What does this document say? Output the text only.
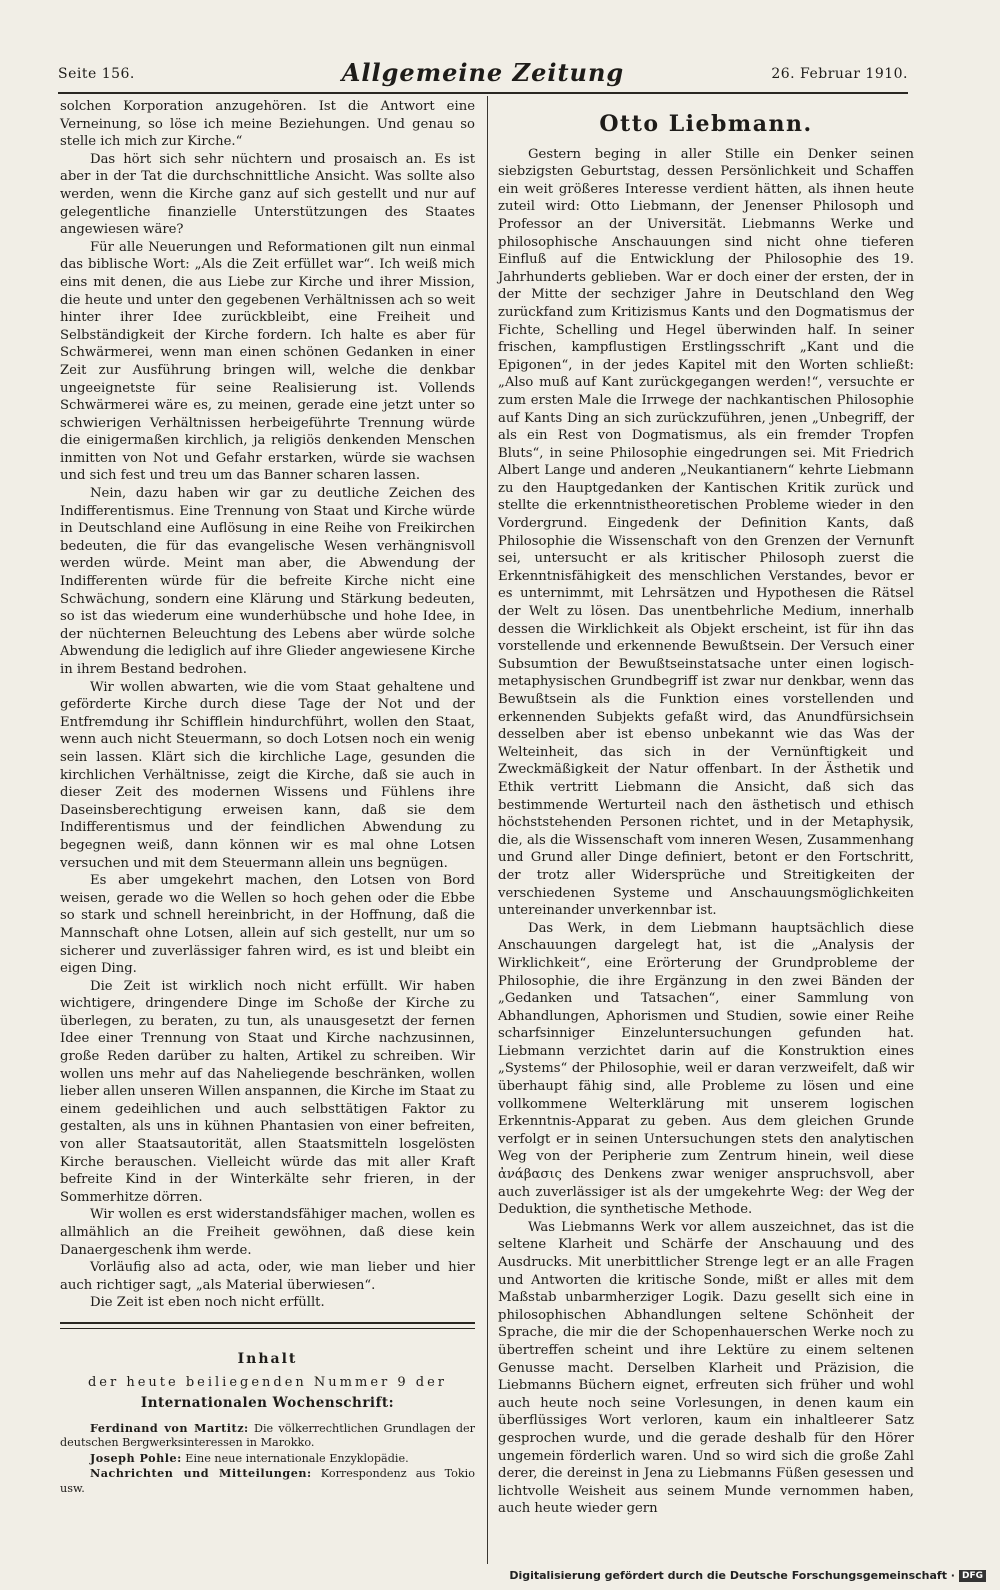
Seite 156.	Allgemeine Zeitung	26. Februar 1910.

solchen Korporation anzugehören. Ist die Antwort eine Verneinung, so löse ich meine Beziehungen. Und genau so stelle ich mich zur Kirche.“

Das hört sich sehr nüchtern und prosaisch an. Es ist aber in der Tat die durchschnittliche Ansicht. Was sollte also werden, wenn die Kirche ganz auf sich gestellt und nur auf gelegentliche finanzielle Unterstützungen des Staates angewiesen wäre?

Für alle Neuerungen und Reformationen gilt nun einmal das biblische Wort: „Als die Zeit erfüllet war“. Ich weiß mich eins mit denen, die aus Liebe zur Kirche und ihrer Mission, die heute und unter den gegebenen Verhältnissen ach so weit hinter ihrer Idee zurückbleibt, eine Freiheit und Selbständigkeit der Kirche fordern. Ich halte es aber für Schwärmerei, wenn man einen schönen Gedanken in einer Zeit zur Ausführung bringen will, welche die denkbar ungeeignetste für seine Realisierung ist. Vollends Schwärmerei wäre es, zu meinen, gerade eine jetzt unter so schwierigen Verhältnissen herbeigeführte Trennung würde die einigermaßen kirchlich, ja religiös denkenden Menschen inmitten von Not und Gefahr erstarken, würde sie wachsen und sich fest und treu um das Banner scharen lassen.

Nein, dazu haben wir gar zu deutliche Zeichen des Indifferentismus. Eine Trennung von Staat und Kirche würde in Deutschland eine Auflösung in eine Reihe von Freikirchen bedeuten, die für das evangelische Wesen verhängnisvoll werden würde. Meint man aber, die Abwendung der Indifferenten würde für die befreite Kirche nicht eine Schwächung, sondern eine Klärung und Stärkung bedeuten, so ist das wiederum eine wunderhübsche und hohe Idee, in der nüchternen Beleuchtung des Lebens aber würde solche Abwendung die lediglich auf ihre Glieder angewiesene Kirche in ihrem Bestand bedrohen.

Wir wollen abwarten, wie die vom Staat gehaltene und geförderte Kirche durch diese Tage der Not und der Entfremdung ihr Schifflein hindurchführt, wollen den Staat, wenn auch nicht Steuermann, so doch Lotsen noch ein wenig sein lassen. Klärt sich die kirchliche Lage, gesunden die kirchlichen Verhältnisse, zeigt die Kirche, daß sie auch in dieser Zeit des modernen Wissens und Fühlens ihre Daseinsberechtigung erweisen kann, daß sie dem Indifferentismus und der feindlichen Abwendung zu begegnen weiß, dann können wir es mal ohne Lotsen versuchen und mit dem Steuermann allein uns begnügen.

Es aber umgekehrt machen, den Lotsen von Bord weisen, gerade wo die Wellen so hoch gehen oder die Ebbe so stark und schnell hereinbricht, in der Hoffnung, daß die Mannschaft ohne Lotsen, allein auf sich gestellt, nur um so sicherer und zuverlässiger fahren wird, es ist und bleibt ein eigen Ding.

Die Zeit ist wirklich noch nicht erfüllt. Wir haben wichtigere, dringendere Dinge im Schoße der Kirche zu überlegen, zu beraten, zu tun, als unausgesetzt der fernen Idee einer Trennung von Staat und Kirche nachzusinnen, große Reden darüber zu halten, Artikel zu schreiben. Wir wollen uns mehr auf das Naheliegende beschränken, wollen lieber allen unseren Willen anspannen, die Kirche im Staat zu einem gedeihlichen und auch selbsttätigen Faktor zu gestalten, als uns in kühnen Phantasien von einer befreiten, von aller Staatsautorität, allen Staatsmitteln losgelösten Kirche berauschen. Vielleicht würde das mit aller Kraft befreite Kind in der Winterkälte sehr frieren, in der Sommerhitze dörren.

Wir wollen es erst widerstandsfähiger machen, wollen es allmählich an die Freiheit gewöhnen, daß diese kein Danaergeschenk ihm werde.

Vorläufig also ad acta, oder, wie man lieber und hier auch richtiger sagt, „als Material überwiesen“.

Die Zeit ist eben noch nicht erfüllt.

Inhalt
der heute beiliegenden Nummer 9 der
Internationalen Wochenschrift:

Ferdinand von Martitz: Die völkerrechtlichen Grundlagen der deutschen Bergwerksinteressen in Marokko.

Joseph Pohle: Eine neue internationale Enzyklopädie.

Nachrichten und Mitteilungen: Korrespondenz aus Tokio usw.

Otto Liebmann.

Gestern beging in aller Stille ein Denker seinen siebzigsten Geburtstag, dessen Persönlichkeit und Schaffen ein weit größeres Interesse verdient hätten, als ihnen heute zuteil wird: Otto Liebmann, der Jenenser Philosoph und Professor an der Universität. Liebmanns Werke und philosophische Anschauungen sind nicht ohne tieferen Einfluß auf die Entwicklung der Philosophie des 19. Jahrhunderts geblieben. War er doch einer der ersten, der in der Mitte der sechziger Jahre in Deutschland den Weg zurückfand zum Kritizismus Kants und den Dogmatismus der Fichte, Schelling und Hegel überwinden half. In seiner frischen, kampflustigen Erstlingsschrift „Kant und die Epigonen“, in der jedes Kapitel mit den Worten schließt: „Also muß auf Kant zurückgegangen werden!“, versuchte er zum ersten Male die Irrwege der nachkantischen Philosophie auf Kants Ding an sich zurückzuführen, jenen „Unbegriff, der als ein Rest von Dogmatismus, als ein fremder Tropfen Bluts“, in seine Philosophie eingedrungen sei. Mit Friedrich Albert Lange und anderen „Neukantianern“ kehrte Liebmann zu den Hauptgedanken der Kantischen Kritik zurück und stellte die erkenntnistheoretischen Probleme wieder in den Vordergrund. Eingedenk der Definition Kants, daß Philosophie die Wissenschaft von den Grenzen der Vernunft sei, untersucht er als kritischer Philosoph zuerst die Erkenntnisfähigkeit des menschlichen Verstandes, bevor er es unternimmt, mit Lehrsätzen und Hypothesen die Rätsel der Welt zu lösen. Das unentbehrliche Medium, innerhalb dessen die Wirklichkeit als Objekt erscheint, ist für ihn das vorstellende und erkennende Bewußtsein. Der Versuch einer Subsumtion der Bewußtseinstatsache unter einen logisch-metaphysischen Grundbegriff ist zwar nur denkbar, wenn das Bewußtsein als die Funktion eines vorstellenden und erkennenden Subjekts gefaßt wird, das Anundfürsichsein desselben aber ist ebenso unbekannt wie das Was der Welteinheit, das sich in der Vernünftigkeit und Zweckmäßigkeit der Natur offenbart. In der Ästhetik und Ethik vertritt Liebmann die Ansicht, daß sich das bestimmende Werturteil nach den ästhetisch und ethisch höchststehenden Personen richtet, und in der Metaphysik, die, als die Wissenschaft vom inneren Wesen, Zusammenhang und Grund aller Dinge definiert, betont er den Fortschritt, der trotz aller Widersprüche und Streitigkeiten der verschiedenen Systeme und Anschauungsmöglichkeiten untereinander unverkennbar ist.

Das Werk, in dem Liebmann hauptsächlich diese Anschauungen dargelegt hat, ist die „Analysis der Wirklichkeit“, eine Erörterung der Grundprobleme der Philosophie, die ihre Ergänzung in den zwei Bänden der „Gedanken und Tatsachen“, einer Sammlung von Abhandlungen, Aphorismen und Studien, sowie einer Reihe scharfsinniger Einzeluntersuchungen gefunden hat. Liebmann verzichtet darin auf die Konstruktion eines „Systems“ der Philosophie, weil er daran verzweifelt, daß wir überhaupt fähig sind, alle Probleme zu lösen und eine vollkommene Welterklärung mit unserem logischen Erkenntnis-Apparat zu geben. Aus dem gleichen Grunde verfolgt er in seinen Untersuchungen stets den analytischen Weg von der Peripherie zum Zentrum hinein, weil diese ἀνάβασις des Denkens zwar weniger anspruchsvoll, aber auch zuverlässiger ist als der umgekehrte Weg: der Weg der Deduktion, die synthetische Methode.

Was Liebmanns Werk vor allem auszeichnet, das ist die seltene Klarheit und Schärfe der Anschauung und des Ausdrucks. Mit unerbittlicher Strenge legt er an alle Fragen und Antworten die kritische Sonde, mißt er alles mit dem Maßstab unbarmherziger Logik. Dazu gesellt sich eine in philosophischen Abhandlungen seltene Schönheit der Sprache, die mir die der Schopenhauerschen Werke noch zu übertreffen scheint und ihre Lektüre zu einem seltenen Genusse macht. Derselben Klarheit und Präzision, die Liebmanns Büchern eignet, erfreuten sich früher und wohl auch heute noch seine Vorlesungen, in denen kaum ein überflüssiges Wort verloren, kaum ein inhaltleerer Satz gesprochen wurde, und die gerade deshalb für den Hörer ungemein förderlich waren. Und so wird sich die große Zahl derer, die dereinst in Jena zu Liebmanns Füßen gesessen und lichtvolle Weisheit aus seinem Munde vernommen haben, auch heute wieder gern

Digitalisierung gefördert durch die Deutsche Forschungsgemeinschaft · DFG
